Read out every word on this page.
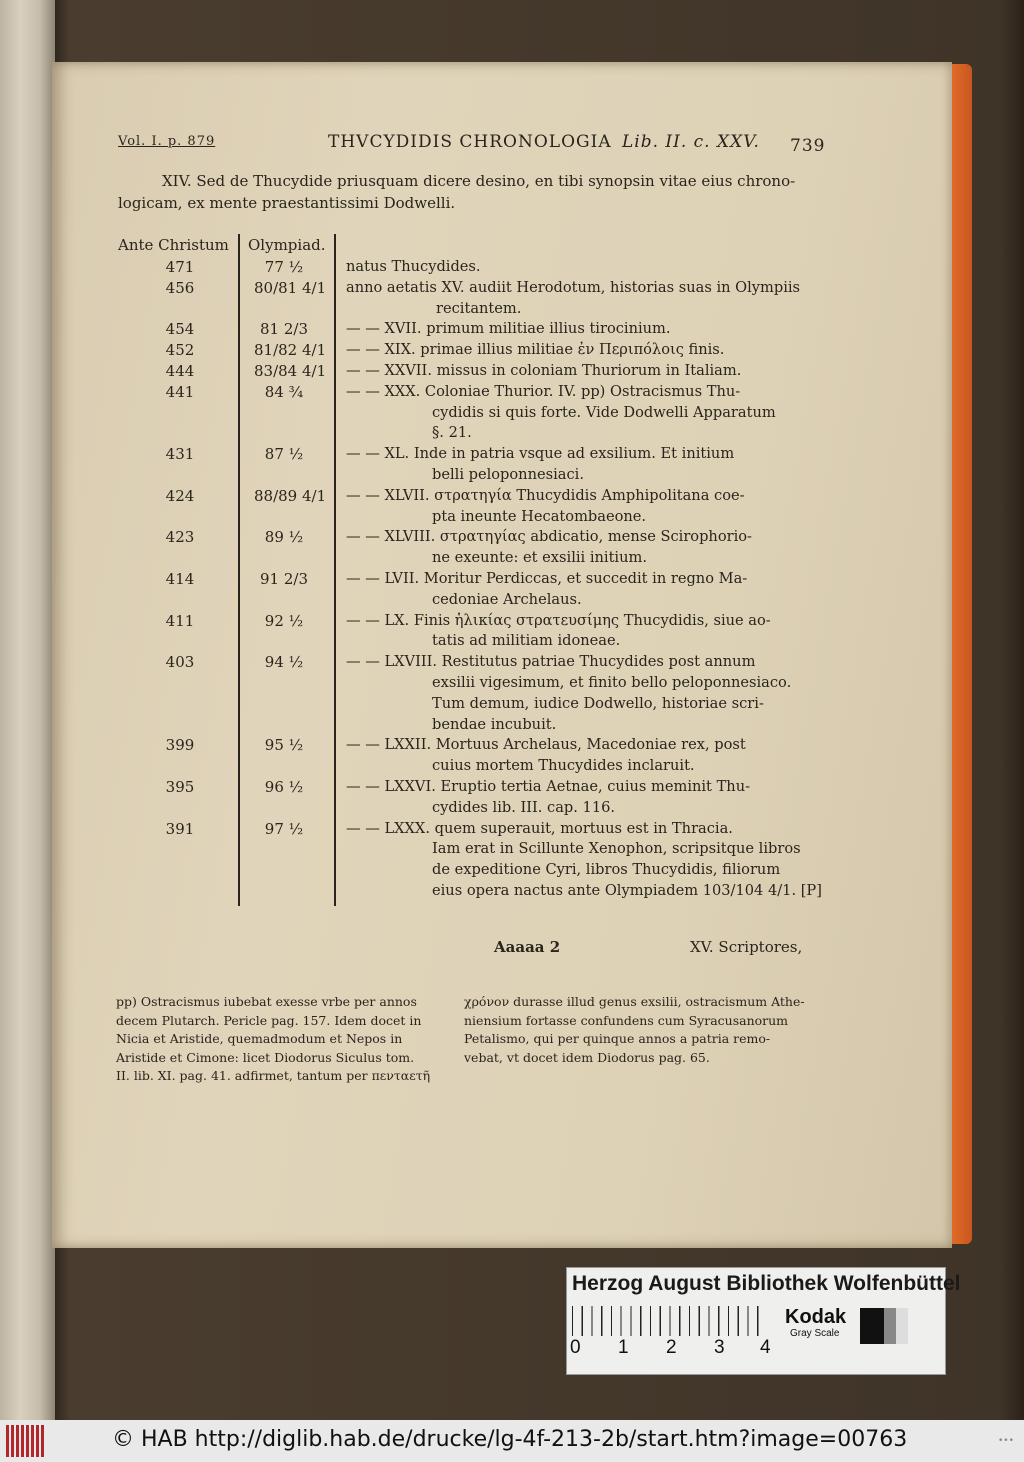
Vol. I. p. 879	THVCYDIDIS CHRONOLOGIA Lib. II. c. XXV. 739
XIV. Sed de Thucydide priusquam dicere desino, en tibi synopsin vitae eius chrono-
logicam, ex mente praestantissimi Dodwelli.
Ante Christum Olympiad.
471	77 ½	natus Thucydides.
456	80/81 4/1 anno aetatis XV. audiit Herodotum, historias suas in Olympiis
recitantem.
454	81 2/3	— — XVII. primum militiae illius tirocinium.
452	81/82 4/1 — — XIX. primae illius militiae ἐν Περιπόλοις finis.
444	83/84 4/1 — — XXVII. missus in coloniam Thuriorum in Italiam.
441	84 ¾	— — XXX. Coloniae Thurior. IV. pp) Ostracismus Thu-
cydidis si quis forte. Vide Dodwelli Apparatum
§. 21.
431	87 ½	— — XL. Inde in patria vsque ad exsilium. Et initium
belli peloponnesiaci.
424	88/89 4/1 — — XLVII. στρατηγία Thucydidis Amphipolitana coe-
pta ineunte Hecatombaeone.
423	89 ½	— — XLVIII. στρατηγίας abdicatio, mense Scirophorio-
ne exeunte: et exsilii initium.
414	91 2/3	— — LVII. Moritur Perdiccas, et succedit in regno Ma-
cedoniae Archelaus.
411	92 ½	— — LX. Finis ἡλικίας στρατευσίμης Thucydidis, siue ao-
tatis ad militiam idoneae.
403	94 ½	— — LXVIII. Restitutus patriae Thucydides post annum
exsilii vigesimum, et finito bello peloponnesiaco.
Tum demum, iudice Dodwello, historiae scri-
bendae incubuit.
399	95 ½	— — LXXII. Mortuus Archelaus, Macedoniae rex, post
cuius mortem Thucydides inclaruit.
395	96 ½	— — LXXVI. Eruptio tertia Aetnae, cuius meminit Thu-
cydides lib. III. cap. 116.
391	97 ½	— — LXXX. quem superauit, mortuus est in Thracia.
Iam erat in Scillunte Xenophon, scripsitque libros
de expeditione Cyri, libros Thucydidis, filiorum
eius opera nactus ante Olympiadem 103/104 4/1. [P]
Aaaaa 2	XV. Scriptores,
pp) Ostracismus iubebat exesse vrbe per annos
decem Plutarch. Pericle pag. 157. Idem docet in
Nicia et Aristide, quemadmodum et Nepos in
Aristide et Cimone: licet Diodorus Siculus tom.
II. lib. XI. pag. 41. adfirmet, tantum per πενταετῆ
χρόνον durasse illud genus exsilii, ostracismum Athe-
niensium fortasse confundens cum Syracusanorum
Petalismo, qui per quinque annos a patria remo-
vebat, vt docet idem Diodorus pag. 65.
Herzog August Bibliothek Wolfenbüttel
0 1 2 3 4
Kodak
Gray Scale
© HAB http://diglib.hab.de/drucke/lg-4f-213-2b/start.htm?image=00763	•••
